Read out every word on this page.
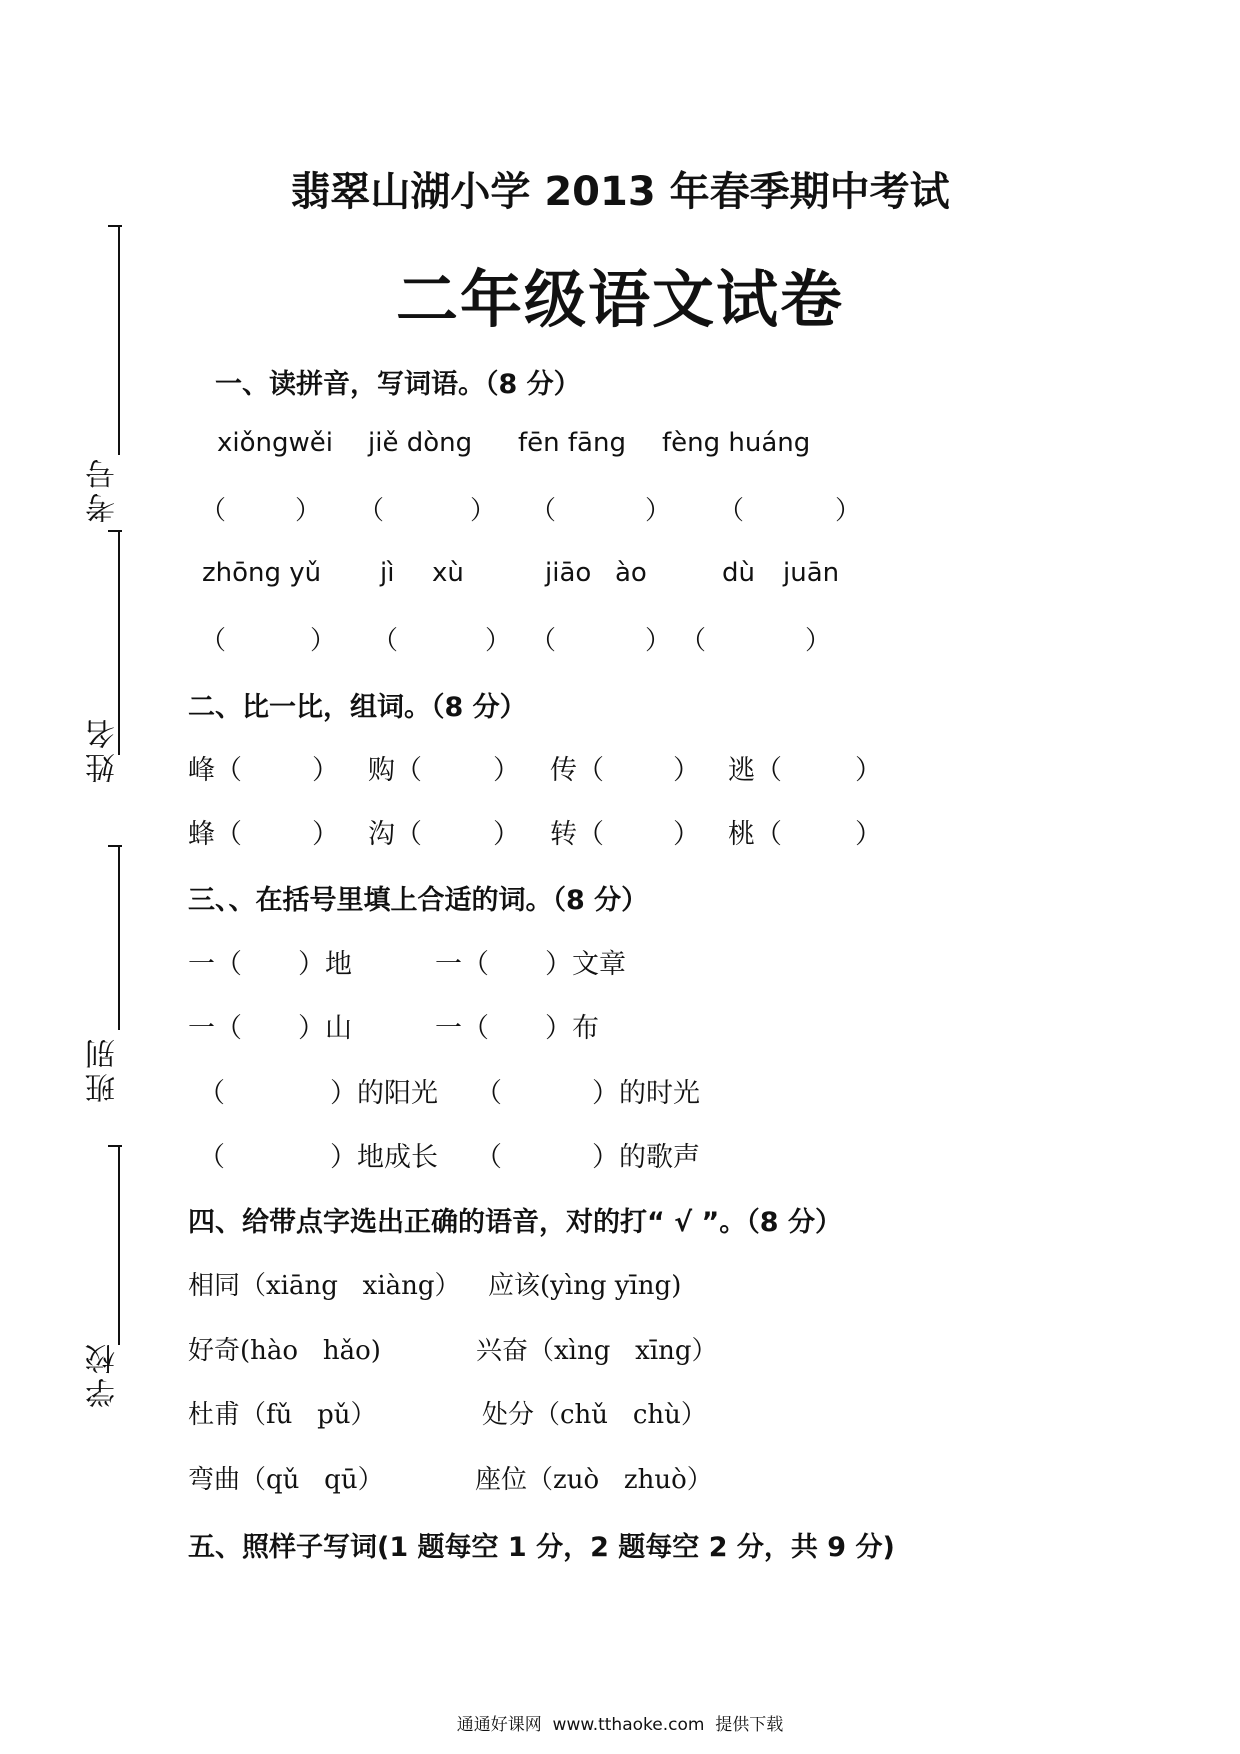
翡翠山湖小学 2013 年春季期中考试
二年级语文试卷
考号
姓名
班别
学校
一、读拼音，写词语。（8 分）
xiǒngwěi jiě dòng fēn fāng fèng huáng
（	） （	） （	） （	）
zhōng yǔ jì xù	jiāo ào	dù juān
（	） （	） （	） （	）
二、比一比，组词。（8 分）
峰（	） 购（	） 传（	） 逃（	）
蜂（	） 沟（	） 转（	） 桃（	）
三、、在括号里填上合适的词。（8 分）
一（ ）地	一（ ）文章
一（ ）山	一（ ）布
（	）的阳光 （	）的时光
（	）地成长 （	）的歌声
四、给带点字选出正确的语音，对的打“ √ ”。（8 分）
相同（xiāng   xiàng） 应该(yìng yīng)
好奇(hào   hǎo)	兴奋（xìng   xīng）
杜甫（fǔ   pǔ）	处分（chǔ   chù）
弯曲（qǔ   qū）	座位（zuò   zhuò）
五、照样子写词(1 题每空 1 分，2 题每空 2 分，共 9 分)
通通好课网  www.tthaoke.com  提供下载
